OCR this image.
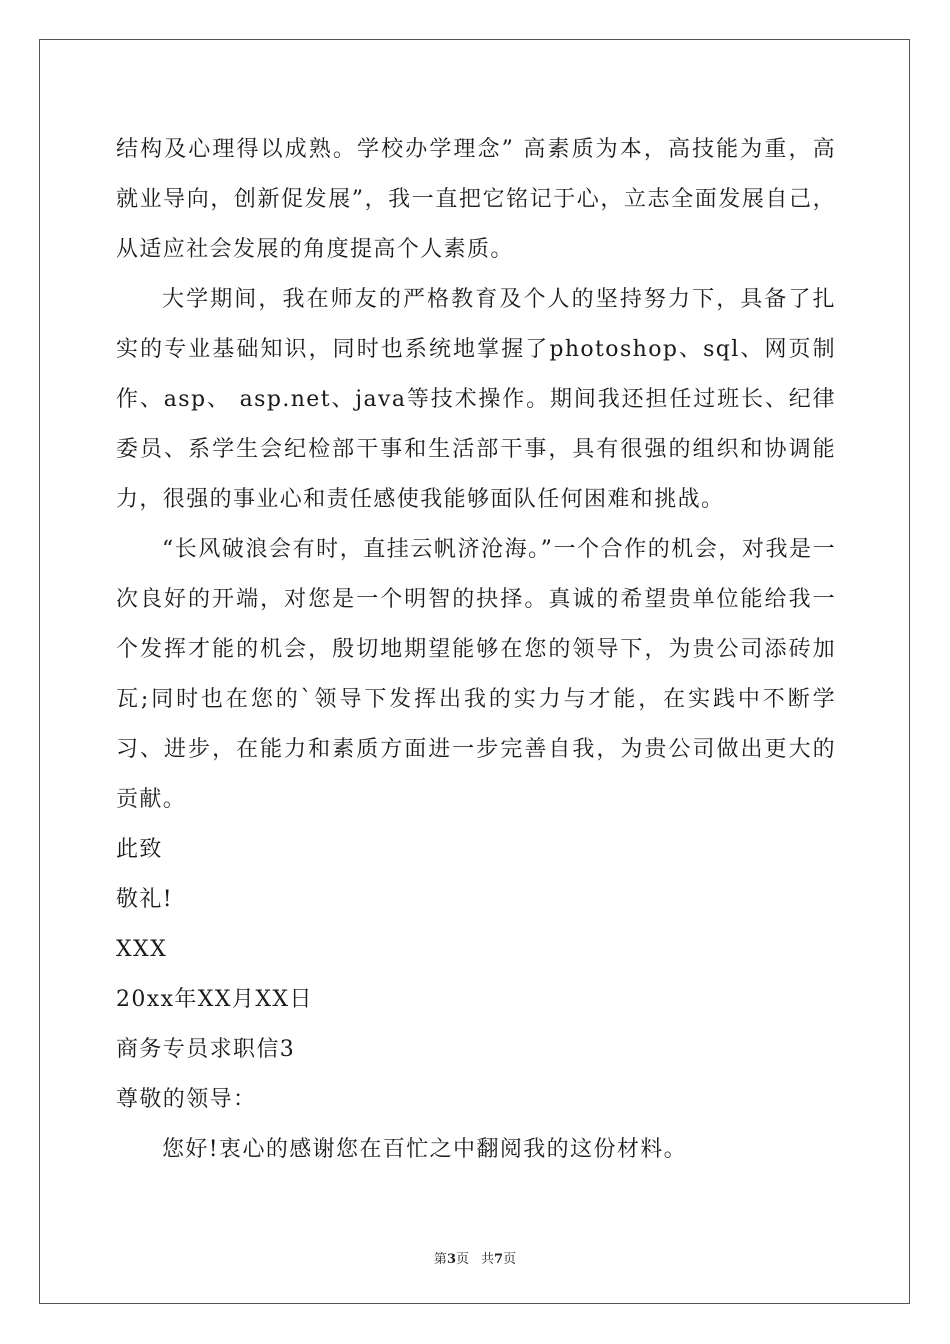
结构及心理得以成熟。学校办学理念” 高素质为本，高技能为重，高就业导向，创新促发展”，我一直把它铭记于心，立志全面发展自己，从适应社会发展的角度提高个人素质。

大学期间，我在师友的严格教育及个人的坚持努力下，具备了扎实的专业基础知识，同时也系统地掌握了photoshop、sql、网页制作、asp、 asp.net、java等技术操作。期间我还担任过班长、纪律委员、系学生会纪检部干事和生活部干事，具有很强的组织和协调能力，很强的事业心和责任感使我能够面队任何困难和挑战。

“长风破浪会有时，直挂云帆济沧海。”一个合作的机会，对我是一次良好的开端，对您是一个明智的抉择。真诚的希望贵单位能给我一个发挥才能的机会，殷切地期望能够在您的领导下，为贵公司添砖加瓦;同时也在您的`领导下发挥出我的实力与才能，在实践中不断学习、进步，在能力和素质方面进一步完善自我，为贵公司做出更大的贡献。

此致

敬礼!

XXX

20xx年XX月XX日

商务专员求职信3

尊敬的领导：

您好!衷心的感谢您在百忙之中翻阅我的这份材料。

第3页 共7页
